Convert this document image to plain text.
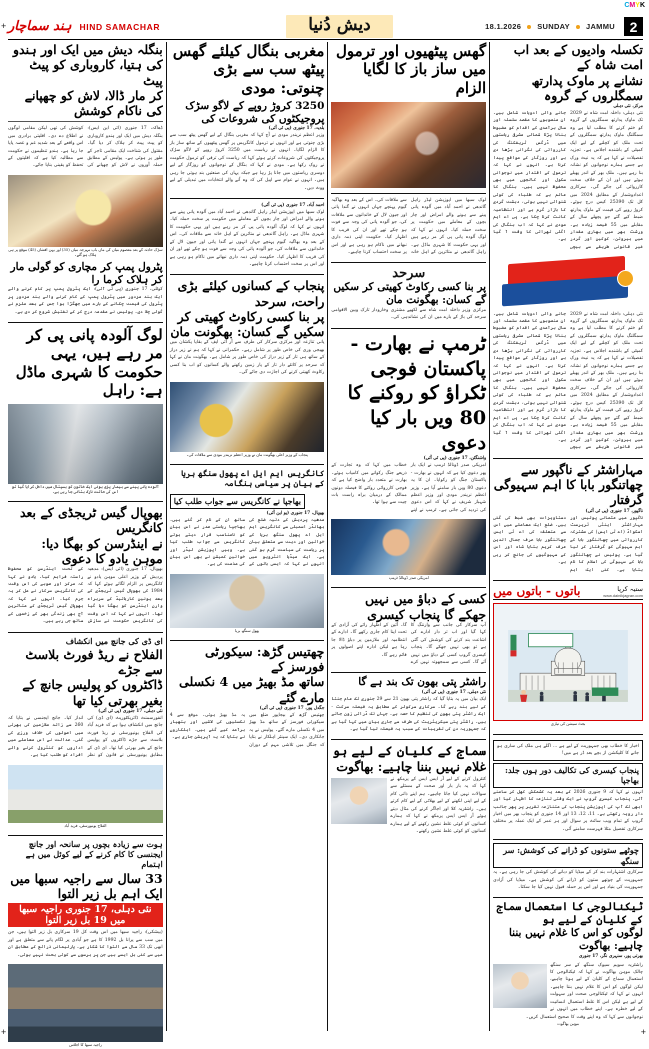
C M Y K
+
+	+
ہند سماچار HIND SAMACHAR	دیش دُنیا	18.1.2026 SUNDAY JAMMU	2
بنگلہ دیش میں ایک اور ہندو کی ہتیا، کاروباری کو پیٹ پیٹ
کر مار ڈالا، لاش کو چھپانے کی ناکام کوشش
ڈھاکہ، 17 جنوری (ائی این ایس): بنگلہ دیش میں ایک اور ہندو کاروباری کو پیٹ پیٹ کر ہلاک کر دیا گیا۔ مقتول کی شناخت ایک مقامی تاجر کے طور پر ہوئی ہے۔ پولیس کے مطابق حملہ آوروں نے لاش کو چھپانے کی کوشش کی تھی لیکن مقامی لوگوں نے اطلاع دے دی۔ اقلیتی برادری میں اس واقعے کے بعد شدید غم و غصہ پایا جا رہا ہے۔ ہندو تنظیموں نے حکومت سے مطالبہ کیا ہے کہ اقلیتوں کے تحفظ کو یقینی بنایا جائے۔
سڑک حادثہ کے بعد معصوم میاں کی ماں باپ مہرجہ میاں (35) اور بہن افشاں (45) موقع پر ہی ہلاک ہو گئے۔
پٹرول پمپ کر مچاری کو گولی مار کر ہلاک کرما را
کوٹلی، 17 جنوری (پی ٹی آئی): ایک پٹرول پمپ پر کام کرنے والے ایک ہند مزدور میں پٹرول پمپ کے کام کرنے والے ہند مزدور پر پٹرول کی قیمت چکانے کے بارے میں جھگڑا ہوا جس کے بعد ملزم نے گولی چلا دی۔ پولیس نے مقدمہ درج کر کے تفتیش شروع کر دی ہے۔
لوگ آلودہ پانی پی کر مر رہے ہیں، یہی حکومت کا شہری ماڈل ہے: راہل
آلودہ پانی پینے سے بیمار پڑی ہوئی ایک خاتون کو ہسپتال میں داخل کرایا گیا تو اس کی حالت نازک بتائی جا رہی ہے۔
بھوپال گیس ٹریجڈی کے بعد کانگریس
نے اینڈرسن کو بھگا دیا: موہن یادو کا دعوی
بھوپال، 17 جنوری (ائی ایس): مدھیہ پردیش کے وزیر اعلی موہن یادو نے کانگریس پر الزام لگاتے ہوئے کہا کہ 1984 کی بھوپال گیس ٹریجڈی کے بعد یونین کاربائیڈ کے سربراہ وارن اینڈرسن کو بھگا دیا گیا تھا۔ انہوں نے کہا کہ اس وقت کی کانگریس حکومت نے سازش کے تحت اینڈرسن کو محفوظ راستہ فراہم کیا۔ یادو نے کہا کہ مرکز اور صوبے کی اس وقت کی کانگریس سرکار نے مل کر یہ جرم کیا۔ انہوں نے کہا کہ بھوپال گیس ٹریجڈی کے متاثرین آج بھی زندگی بھر کے زخموں کے ساتھ جی رہے ہیں۔
ای ڈی کی جانچ میں انکشاف
الفلاح نے ریڈ فورٹ بلاسٹ سے جڑے
ڈاکٹروں کو پولیس جانچ کے بغیر بھرتی کیا تھا
نئی دہلی، 17 جنوری (پی ٹی آئی)
انفورسمنٹ ڈائریکٹوریٹ (ای ڈی) کی جانچ میں انکشاف ہوا ہے کہ فرید آباد کی الفلاح یونیورسٹی نے ریڈ فورٹ بلاسٹ سے جڑے ڈاکٹروں کو پولیس جانچ کے بغیر بھرتی کیا تھا۔ ای ڈی کے مطابق یونیورسٹی نے قانون کو نظر انداز کیا۔ جانچ ایجنسی نے بتایا کہ 260 سے زائد ملازمین کی بھرتی میں اصولوں کی خلاف ورزی کی گئی۔ عدالت نے اس معاملے میں اداروں کو کنٹرول کرنے والے افراد کو طلب کیا ہے۔
الفلاح یونیورسٹی، فرید آباد
ہوت سے زیادہ بچوں پر سانحہ اور جانچ ایجنسی کا کام کرنے کے لیے کوئل میں ہے اہتمام
33 سال سے راجیہ سبھا میں ایک اہم بل زیر التوا
نئی دہلی، 17 جنوری راجیہ سبھا میں 19 بل زیر التوا
(بیشکی): راجیہ سبھا میں اس وقت کل 19 سرکاری بل زیر التوا ہیں، جن میں سب سے پرانا بل 1992 کا ہے جو آبادی پر لگام پانے سے متعلق ہے اور ابھی تک 33 سال سے التوا کا شکار ہے۔ پارلیمانی ذرائع کے مطابق ان میں سے کئی بل ایسے ہیں جن پر برسوں سے کوئی بحث نہیں ہوئی۔
راجیہ سبھا کا اجلاس
مغربی بنگال کیلئے گھس پیٹھ سب سے بڑی چنوتی: مودی
3250 کروڑ روپے کے لاگو سڑک پروجیکٹوں کی شروعات کی
بلدیہ، 17 جنوری (پی ٹی آئی)
وزیر اعظم نریندر مودی نے آج کہا کہ مغربی بنگال کے لیے گھس پیٹھ سب سے بڑی چنوتی ہے اور انہوں نے ترمول کانگریس پر گھس پیٹھیوں کے ساتھ ساز باز کا الزام لگایا۔ انہوں نے ریاست میں 3250 کروڑ روپے کے لاگو سڑک پروجیکٹوں کی شروعات کرتے ہوئے کہا کہ ریاست کی ترقی کو ترمول حکومت نے روک رکھا ہے۔ مودی نے کہا کہ بنگال کے نوجوانوں کو روزگار کے لیے دوسری ریاستوں میں جانا پڑ رہا ہے جبکہ یہاں کی صنعتیں بند ہوتی جا رہی ہیں۔ انہوں نے عوام سے اپیل کی کہ وہ آنے والے انتخابات میں تبدیلی کے لیے ووٹ دیں۔
احمد آباد، 17 جنوری (پی ٹی آئی)
لوک سبھا میں اپوزیشن لیڈر راہل گاندھی نے احمد آباد میں آلودہ پانی پینے سے ہونے والے امراض اور چار بچوں کے معاملے میں حکومت پر سخت حملہ کیا۔ انہوں نے کہا کہ لوگ آلودہ پانی پی کر مر رہے ہیں اور یہی حکومت کا شہری ماڈل ہے۔ راہل گاندھی نے متاثرین کے اہل خانہ سے ملاقات کی۔ اس کے بعد وہ بھاگیہ گیوم پہنچے جہاں انہوں نے گندا پانی اور جیون لال کے خاندانوں سے ملاقات کی، جو آلودہ پانی کی وجہ سے فوت ہو چکے تھے اور ان کی قریب کا اظہار کیا۔ حکومت اپنی ذمہ داری نبھانے میں ناکام ہو رہی ہے اور اس پر سخت احتساب کرنا چاہیے۔
پنجاب کے کسانوں کیلئے بڑی راحت، سرحد
پر بنا کسی رکاوٹ کھیتی کر سکیں گے کسان: بھگونت مان
پانی تنازعہ اور مرکزی سرکار کی طرف سے آر آئی ایف کے بقایا پکشان میں بھیجی وری کی خاص طور پر شامل رہے۔ حکمرانی نے کہا کہ ہم نے زیر دراز کے ساتھ ہی تار کے زیر دراز کی خاص طور پر شامل ہے۔ بھگونت مان نے کہا کہ سرحد پر کانٹے دار تار کے پار زمین رکھنے والے کسانوں کو اب بنا کسی رکاوٹ کھیتی کرنے کی اجازت دی جائے گی۔
پنجاب کے وزیر اعلی بھگونت مان نے وزیر اعظم نریندر مودی سے ملاقات کی۔
کانگریس ایم ایل اے پھول سنگھ بریا کے بیان پر سیاسی ہنگامہ
بھاجپا نے کانگریس سے جواب طلب کیا
بھوپال، 17 جنوری (یو این آئی)
مدھیہ پردیش کے دتیہ ضلع کی بھانڈر اسمبلی سے کانگریس ایم ایل اے پھول سنگھ بریا کے خواتین اور دیت سے متعلق بیان پر ریاست کی سیاست گرم ہو گئی ہے۔ ایک میڈیا انٹرویو میں انہوں نے کہا کہ ایسی باتوں کے ساتھ ان کے نام کر گئے ہیں۔ بھاجپا ریاستی صدر نے اس بیان کو نامناسب قرار دیتے ہوئے کانگریس سے جواب طلب کیا ہے۔ وہیں اپوزیشن لیڈر اور خواتین کمیشن نے بھی اس بیان کی مذمت کی ہے۔
پھول سنگھ بریا
چھتیس گڑھ: سیکورٹی فورسز کے
ساتھ مڈ بھیڑ میں 4 نکسلی مارے گئے
جگدل پور، 17 جنوری (پی ٹی آئی)
چھتیس گڑھ کے بیجاپور ضلع میں سیکورٹی فورسز کے ساتھ مڈ بھیڑ میں 4 نکسلی مارے گئے۔ پولیس نے یہ جانکاری دی۔ ایک سینئر اہلکار نے بتایا کہ جنگل میں تلاشی مہم کے دوران یہ مڈ بھیڑ ہوئی۔ موقع سے 4 نکسلیوں کی لاشیں اور ہتھیار برآمد کیے گئے ہیں۔ اہلکاروں نے بتایا کہ یہ آپریشن جاری ہے۔
گھس پیٹھیوں اور ترمول میں ساز باز کا لگایا الزام
لوک سبھا میں اپوزیشن لیڈر راہل گاندھی نے احمد آباد میں آلودہ پانی پینے سے ہونے والے امراض اور چار بچوں کے معاملے میں حکومت پر سخت حملہ کیا۔ انہوں نے کہا کہ لوگ آلودہ پانی پی کر مر رہے ہیں اور یہی حکومت کا شہری ماڈل ہے۔ راہل گاندھی نے متاثرین کے اہل خانہ سے ملاقات کی۔ اس کے بعد وہ بھاگیہ گیوم پہنچے جہاں انہوں نے گندا پانی اور جیون لال کے خاندانوں سے ملاقات کی، جو آلودہ پانی کی وجہ سے فوت ہو چکے تھے اور ان کی قریب کا اظہار کیا۔ حکومت اپنی ذمہ داری نبھانے میں ناکام ہو رہی ہے اور اس پر سخت احتساب کرنا چاہیے۔
سرحد
پر بنا کسی رکاوٹ کھیتی کر سکیں گے کسان: بھگونت مان
مرکزی وزیر داخلہ امت شاہ سے لکھیے مشتری وخارودار تارک وبین الاقوامی سرحد کی باڑ کے بارے میں ان کی نشاندہی کی۔
ٹرمپ نے بھارت - پاکستان فوجی
ٹکراؤ کو روکنے کا 80 ویں بار کیا دعوی
واشنگٹن، 17 جنوری (پی ٹی آئی)
امریکی صدر ڈونالڈ ٹرمپ نے ایک بار پھر دعوی کیا ہے کہ انہوں نے بھارت - پاکستان جنگ کو رکوایا۔ ان کا یہ دعوی 80 ویں بار سامنے آیا ہے۔ وزیر اعظم نریندر مودی اور وزیر اعظم شہباز شریف نے کہا کہ اس دعوی کی تردید کی جاتی ہے۔ ٹرمپ نے اپنے خطاب میں کہا کہ وہ تجارت کے ذریعے جنگ رکوانے میں کامیاب ہوئے۔ بھارت نے متعدد بار واضح کیا ہے کہ فوجی کارروائی روکنے کا فیصلہ دونوں ممالک کے درمیان براہ راست بات چیت سے ہوا تھا۔
امریکی صدر ڈونالڈ ٹرمپ
کسی کے دباؤ میں نہیں
جھکے گا پنجاب کیسری
آپ سرکار کی جانب سے وارننگ کا کہا گیا اور اب تر دار ادارے کی اشاعت بند کرنے کی کوشش کی گئی ہے تو بھی نہیں جھکے گا۔ پنجاب کیسری گروپ کسی کے دباؤ میں نہیں آئے گا۔ کسی سے سمجھوتہ نہیں کرے گا۔ آئین کے اظہار رائے کی آزادی کے تحت اپنا کام جاری رکھے گا۔ ادارے کے انتظامیہ اور ملازمین پر دباؤ ڈالا جا رہا ہے لیکن ادارہ اپنے اصولوں پر قائم رہے گا۔
راشٹر پتی بھون تک بند ہے گا
نئی دہلی، 17 جنوری (پی ٹی آئی)
ایک بیان میں یہ بتایا گیا کہ راشٹر پتی بھون 21 سے 29 جنوری تک عام جنتا کے لیے بند رہے گا۔ سرکاری سرکولر کے مطابق یہ فیصلہ سرکٹ - ایک راشٹر پتی بھون کی تنظیم کا حصہ ہے۔ جہاں تک ڈرائی زون جاتے ہیں۔ راشٹر پتی سیکریٹریٹ کی طرف سے جاری بیان میں کہا گیا ہے کہ جمہوریہ دن کی تقریبات کے سبب یہ فیصلہ لیا گیا ہے۔
سماج کے کلیان کے لیے ہو
غلام نہیں بننا چاہیے: بھاگوت
کنٹرول کرنے کے لیے آر ایس ایس کے پرمکھ نے کہا کہ یہ بار بار اور صحت کے مسئلے سے سوالات نہیں کیا جانا چاہیے۔ ہم اپنے ذاتی کام کے لیے اپنی لکھنے کے لیے بھلائی کے لیے کام کرتے ہیں۔ راشٹریہ کلا اور اجاگر کرنے کی مثال دیتے ہوئے آر ایس ایس پرمکھ نے کہا کہ ہمارے کسانوں کو کوئی غلط نشین رکھنے کے لیے ہمارے کسانوں کو کوئی غلط نشین رکھنے۔
تکسلہ وادیوں کے بعد اب امت شاہ کے
نشانے پر ماوک پدارتھ سمگلروں کے گروہ
مرکز، نئی دہلی
نئی دہلی: داخلہ امت شاہ نے 2029 تک ماوک پدارتھ سمگلروں کے گروہ کو ختم کرنے کا مطلب لیا ہے وہ سمگلنگ ماوک پدارتھ سمگلروں کے تحت ملک کو کچلنے کے لیے ایک کمیٹی کے باشندے اجلاس ہے۔ تجزیہ تفصیلات نے کہا ہے کہ یہ نیٹ ورک ہے جسے ہمارے نوجوانوں کو نشانہ بنا رہے ہیں۔ ملک بھر کے اندر پھیلے ہوئے ہیں اور ان کے خلاف سخت کارروائی کی جائے گی۔ سرکاری اعدادوشمار کے مطابق 2024 میں کل تک 25390 کیس درج ہوئے۔ کروڑ روپے کی قیمت کے ماوک پدارتھ ضبط کیے گئے جو پچھلے سال کے مقابلے میں 55 فیصد زیادہ ہے۔ ورشٹ بھر میں بھاری مقدار میں ہیروئن، کوکین اور گردر غیر قانونی طریقے سے بیچی جانے والی ادویات شامل ہیں۔ ان منصوبوں کا مقصد سلسلہ اور سال برآمدی کے اقدام کو مضبوط بنانا پڑتا شمالی مشرقی ریاستوں میں ڈرگس ٹریفکنگ کی کارروائی کی نگرانی بڑھا دی ہے اور روزگار کے مواقع پیدا کرنا ہے۔ انہوں نے کہا کہ ترمول کے اقتدار میں نوجوانی سکول اور کالجوں میں بھی محفوظ نہیں ہیں۔ بنگال کا عالم ہے کہ طلباء کی کوئی شنوائی نہیں ہوتی، دہشت گردی کا بازار گرم ہے اور انتظامیہ کانٹ کرنا چکا ہے۔ پی اے ایم مودی نے کہا کہ اب بنگال کی اگلی تھرائی کا وقت آ گیا ہے۔
نئی دہلی: داخلہ امت شاہ نے 2029 تک ماوک پدارتھ سمگلروں کے گروہ کو ختم کرنے کا مطلب لیا ہے وہ سمگلنگ ماوک پدارتھ سمگلروں کے تحت ملک کو کچلنے کے لیے ایک کمیٹی کے باشندے اجلاس ہے۔ تجزیہ تفصیلات نے کہا ہے کہ یہ نیٹ ورک ہے جسے ہمارے نوجوانوں کو نشانہ بنا رہے ہیں۔ ملک بھر کے اندر پھیلے ہوئے ہیں اور ان کے خلاف سخت کارروائی کی جائے گی۔ سرکاری اعدادوشمار کے مطابق 2024 میں کل تک 25390 کیس درج ہوئے۔ کروڑ روپے کی قیمت کے ماوک پدارتھ ضبط کیے گئے جو پچھلے سال کے مقابلے میں 55 فیصد زیادہ ہے۔ ورشٹ بھر میں بھاری مقدار میں ہیروئن، کوکین اور گردر غیر قانونی طریقے سے بیچی جانے والی ادویات شامل ہیں۔ ان منصوبوں کا مقصد سلسلہ اور سال برآمدی کے اقدام کو مضبوط بنانا پڑتا شمالی مشرقی ریاستوں میں ڈرگس ٹریفکنگ کی کارروائی کی نگرانی بڑھا دی ہے اور روزگار کے مواقع پیدا کرنا ہے۔ انہوں نے کہا کہ ترمول کے اقتدار میں نوجوانی سکول اور کالجوں میں بھی محفوظ نہیں ہیں۔ بنگال کا عالم ہے کہ طلباء کی کوئی شنوائی نہیں ہوتی، دہشت گردی کا بازار گرم ہے اور انتظامیہ کانٹ کرنا چکا ہے۔ پی اے ایم مودی نے کہا کہ اب بنگال کی اگلی تھرائی کا وقت آ گیا ہے۔
مہاراشٹر کے ناگپور سے چھاتنگور بابا کا اہم سہیوگی گرفتار
ناگپور، 17 جنوری (پی ٹی آئی)
ناگپور میں عثمانی پولیس اور مہاراشٹر اینٹی ٹریرسٹ اسکواڈ (اے ٹی ایس) کی مشترکہ کارروائی میں چھاتنگور بابا کے اہم سہیوگی کو گرفتار کر لیا گیا ہے۔ پولیس نے چھاتنگور بابا کے سہیوگی کی اسلام کا نام بتایا ہے۔ کئی ایک اہم دستاویزات بھی ضبط کی گئی ہیں۔ ضلع ایک معاملے میں اس سے متعلقہ کی اے ٹی ایس چھاتنگور بابا عرف جمال الدین عرف کریم بتایا شاہ اور اس کے سہیوگیوں کی جانچ کر رہی ہے۔
باتوں - باتوں میں	ستیہ کرپا
www.dainikjagran.com
بجٹ سیشن کی تیاری
اخبار کا خطاب بھی جمہوریت کے لیے ہے ... اگلے ہی ملک کی ساری ہو جانے کا کلیکشن از بچے بعد ڈر ہے میں!
پنجاب کیسری کی تکالیف دور ہوں جلد: بھاجپا
انہوں نے کہا کہ 9 جنوری 2026 کے بعد یہ کشمکش کھل کر سامنے آئی۔ پنجاب کیسری گروپ نے ایک وقتی تنازعہ کا اظہار کیا اور ابھی تک آپ کی اپوزیشن پنجاب کی متنازعہ تقریر پر پھر جانب دار رویہ رکھتی ہے۔ 11، 12، 13 اور 14 جنوری کو پنجاب بھر میں اخبار گروپ کے تمام ویب سائٹ پر سوال اور ہر عمر کے ایک عملہ پر مختلف سرکاری تفصیل مثلا فہرست سامنے آئی۔
چوٹھے ستونوں کو ڈرانے کی کوشش: سر سنگھ
سرکاری اشتہارات بند کر کے میڈیا کو دبانے کی کوشش کی جا رہی ہے۔ یہ جمہوریت کے چوتھے ستون کو ڈرانے کی کوشش ہے۔ میڈیا کی آزادی جمہوریت کی بنیاد ہے اور اس پر حملہ قبول نہیں کیا جا سکتا۔
ٹیکنالوجی کا استعمال سماج کے کلیان کے لیے ہو
لوگوں کو اس کا غلام نہیں بننا چاہیے: بھاگوت
بھرتی پور، سنہری نگر، 17 جنوری
راشٹریہ سویم سیوک سنگھ کے سر سنگھ چالک موہن بھاگوت نے کہا کہ ٹیکنالوجی کا استعمال سماج کے کلیان کے لیے ہونا چاہیے، لیکن لوگوں کو اس کا غلام نہیں بننا چاہیے۔ انہوں نے کہا کہ ٹیکنالوجی صحت اور سہولت کے لیے ہے لیکن اس کا غلط استعمال انسانیت کے لیے خطرہ ہے۔ اپنے خطاب میں انہوں نے نوجوانوں سے کہا کہ وہ اپنے وقت کا صحیح استعمال کریں۔
موہن بھاگوت
